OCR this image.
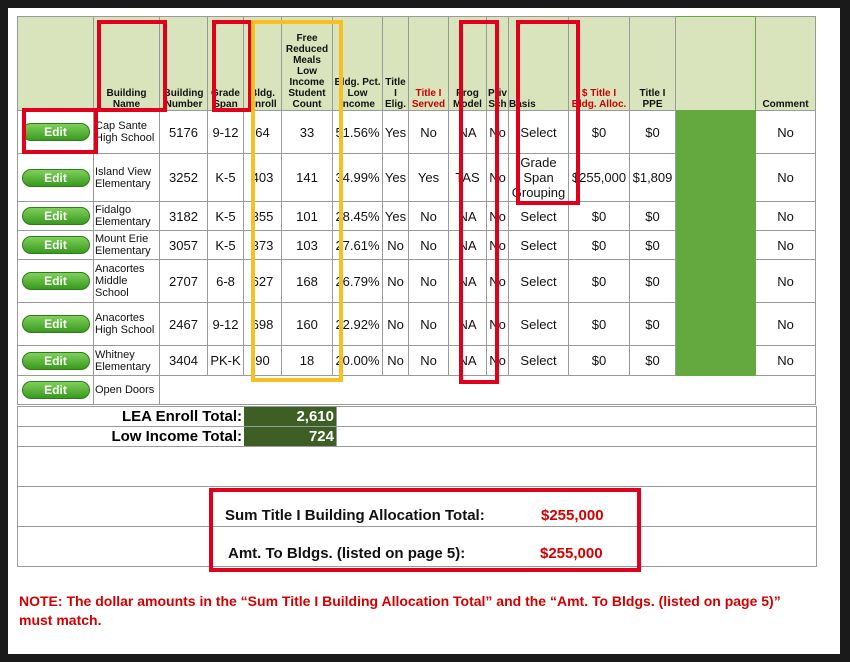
	Building Name	Building Number	Grade Span	Bldg. Enroll	Free Reduced Meals Low Income Student Count	Bldg. Pct. Low Income	Title I Elig.	Title I Served	Prog Model	Priv Sch	Basis	$ Title I Bldg. Alloc.	Title I PPE		Comment
Edit	Cap Sante High School	5176	9-12	64	33	51.56%	Yes	No	NA	No	Select	$0	$0		No
Edit	Island View Elementary	3252	K-5	403	141	34.99%	Yes	Yes	TAS	No	Grade Span Grouping	$255,000	$1,809		No
Edit	Fidalgo Elementary	3182	K-5	355	101	28.45%	Yes	No	NA	No	Select	$0	$0		No
Edit	Mount Erie Elementary	3057	K-5	373	103	27.61%	No	No	NA	No	Select	$0	$0		No
Edit	Anacortes Middle School	2707	6-8	627	168	26.79%	No	No	NA	No	Select	$0	$0		No
Edit	Anacortes High School	2467	9-12	698	160	22.92%	No	No	NA	No	Select	$0	$0		No
Edit	Whitney Elementary	3404	PK-K	90	18	20.00%	No	No	NA	No	Select	$0	$0		No
Edit	Open Doors														
LEA Enroll Total:	2,610
Low Income Total:	724
Sum Title I Building Allocation Total:	$255,000
Amt. To Bldgs. (listed on page 5):	$255,000
NOTE: The dollar amounts in the “Sum Title I Building Allocation Total” and the “Amt. To Bldgs. (listed on page 5)” must match.
